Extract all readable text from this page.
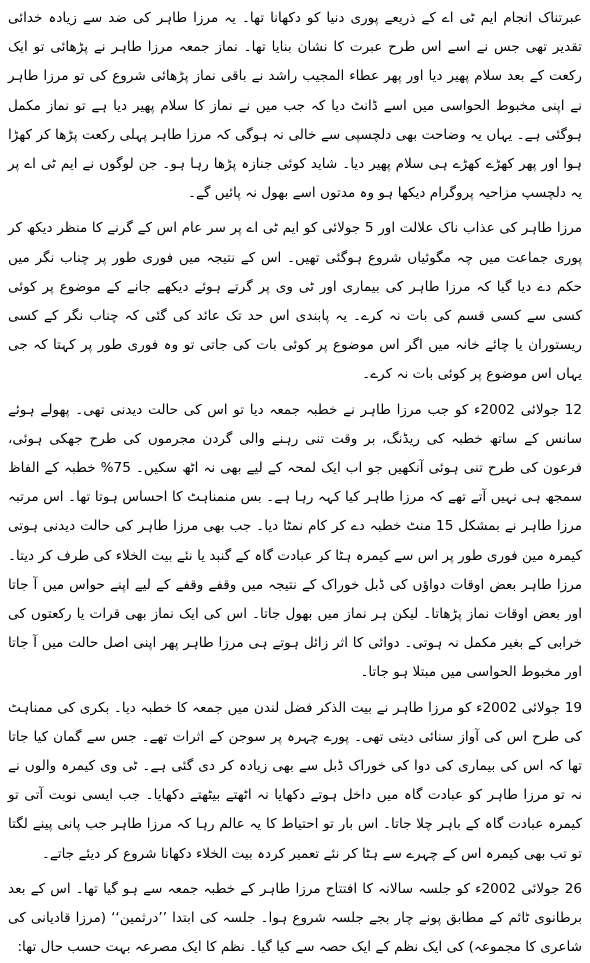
عبرتناک انجام ایم ٹی اے کے ذریعے پوری دنیا کو دکھانا تھا۔ یہ مرزا طاہر کی ضد سے زیادہ خدائی تقدیر تھی جس نے اسے اس طرح عبرت کا نشان بنایا تھا۔ نماز جمعہ مرزا طاہر نے پڑھائی تو ایک رکعت کے بعد سلام پھیر دیا اور پھر عطاء المجیب راشد نے باقی نماز پڑھائی شروع کی تو مرزا طاہر نے اپنی مخبوط الحواسی میں اسے ڈانٹ دیا کہ جب میں نے نماز کا سلام پھیر دیا ہے تو نماز مکمل ہوگئی ہے۔ یہاں یہ وضاحت بھی دلچسپی سے خالی نہ ہوگی کہ مرزا طاہر پہلی رکعت پڑھا کر کھڑا ہوا اور پھر کھڑے کھڑے ہی سلام پھیر دیا۔ شاید کوئی جنازہ پڑھا رہا ہو۔ جن لوگوں نے ایم ٹی اے پر یہ دلچسپ مزاحیہ پروگرام دیکھا ہو وہ مدتوں اسے بھول نہ پائیں گے۔

مرزا طاہر کی عذاب ناک علالت اور 5 جولائی کو ایم ٹی اے پر سر عام اس کے گرنے کا منظر دیکھ کر پوری جماعت میں چہ مگوئیاں شروع ہوگئی تھیں۔ اس کے نتیجہ میں فوری طور پر چناب نگر میں حکم دے دیا گیا کہ مرزا طاہر کی بیماری اور ٹی وی پر گرتے ہوئے دیکھے جانے کے موضوع پر کوئی کسی سے کسی قسم کی بات نہ کرے۔ یہ پابندی اس حد تک عائد کی گئی کہ چناب نگر کے کسی ریستوران یا چائے خانہ میں اگر اس موضوع پر کوئی بات کی جاتی تو وہ فوری طور پر کہتا کہ جی یہاں اس موضوع پر کوئی بات نہ کرے۔

12 جولائی 2002ء کو جب مرزا طاہر نے خطبہ جمعہ دیا تو اس کی حالت دیدنی تھی۔ پھولے ہوئے سانس کے ساتھ خطبہ کی ریڈنگ، بر وقت تنی رہنے والی گردن مجرموں کی طرح جھکی ہوئی، فرعون کی طرح تنی ہوئی آنکھیں جو اب ایک لمحہ کے لیے بھی نہ اٹھ سکیں۔ 75% خطبہ کے الفاظ سمجھ ہی نہیں آتے تھے کہ مرزا طاہر کیا کہہ رہا ہے۔ بس منمناہٹ کا احساس ہوتا تھا۔ اس مرتبہ مرزا طاہر نے بمشکل 15 منٹ خطبہ دے کر کام نمٹا دیا۔ جب بھی مرزا طاہر کی حالت دیدنی ہوتی کیمرہ مین فوری طور پر اس سے کیمرہ ہٹا کر عبادت گاہ کے گنبد یا نئے بیت الخلاء کی طرف کر دیتا۔ مرزا طاہر بعض اوقات دواؤں کی ڈبل خوراک کے نتیجہ میں وقفے وقفے کے لیے اپنے حواس میں آ جاتا اور بعض اوقات نماز پڑھاتا۔ لیکن ہر نماز میں بھول جاتا۔ اس کی ایک نماز بھی قرات یا رکعتوں کی خرابی کے بغیر مکمل نہ ہوتی۔ دوائی کا اثر زائل ہوتے ہی مرزا طاہر پھر اپنی اصل حالت میں آ جاتا اور مخبوط الحواسی میں مبتلا ہو جاتا۔

19 جولائی 2002ء کو مرزا طاہر نے بیت الذکر فضل لندن میں جمعہ کا خطبہ دیا۔ بکری کی ممناہٹ کی طرح اس کی آواز سنائی دیتی تھی۔ پورے چہرہ پر سوجن کے اثرات تھے۔ جس سے گمان کیا جاتا تھا کہ اس کی بیماری کی دوا کی خوراک ڈبل سے بھی زیادہ کر دی گئی ہے۔ ٹی وی کیمرہ والوں نے نہ تو مرزا طاہر کو عبادت گاہ میں داخل ہوتے دکھایا نہ اٹھتے بیٹھتے دکھایا۔ جب ایسی نوبت آتی تو کیمرہ عبادت گاہ کے باہر چلا جاتا۔ اس بار تو احتیاط کا یہ عالم رہا کہ مرزا طاہر جب پانی پینے لگتا تو تب بھی کیمرہ اس کے چہرے سے ہٹا کر نئے تعمیر کردہ بیت الخلاء دکھانا شروع کر دیئے جاتے۔

26 جولائی 2002ء کو جلسہ سالانہ کا افتتاح مرزا طاہر کے خطبہ جمعہ سے ہو گیا تھا۔ اس کے بعد برطانوی ٹائم کے مطابق پونے چار بجے جلسہ شروع ہوا۔ جلسہ کی ابتدا ’’درثمین‘‘ (مرزا قادیانی کی شاعری کا مجموعہ) کی ایک نظم کے ایک حصہ سے کیا گیا۔ نظم کا ایک مصرعہ بہت حسب حال تھا:
